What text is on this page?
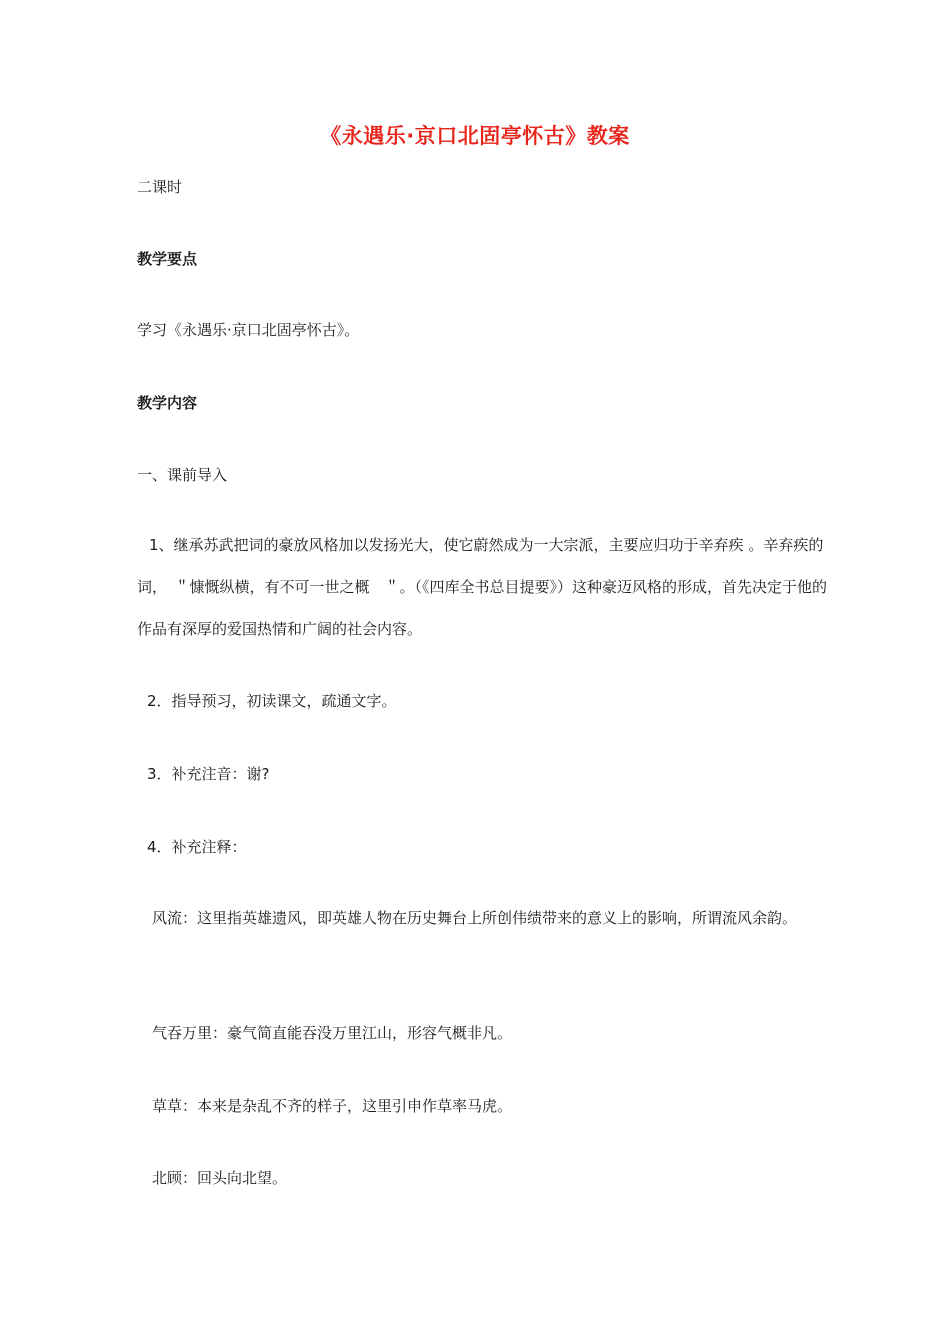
《永遇乐·京口北固亭怀古》教案
二课时
教学要点
学习《永遇乐·京口北固亭怀古》。
教学内容
一、课前导入
1、继承苏武把词的豪放风格加以发扬光大，使它蔚然成为一大宗派，主要应归功于辛弃疾 。辛弃疾的词，　＂慷慨纵横，有不可一世之概　＂。（《四库全书总目提要》）这种豪迈风格的形成，首先决定于他的作品有深厚的爱国热情和广阔的社会内容。
2．指导预习，初读课文，疏通文字。
3．补充注音：谢?
4．补充注释：
风流：这里指英雄遗风，即英雄人物在历史舞台上所创伟绩带来的意义上的影响，所谓流风余韵。
气吞万里：豪气简直能吞没万里江山，形容气概非凡。
草草：本来是杂乱不齐的样子，这里引申作草率马虎。
北顾：回头向北望。
